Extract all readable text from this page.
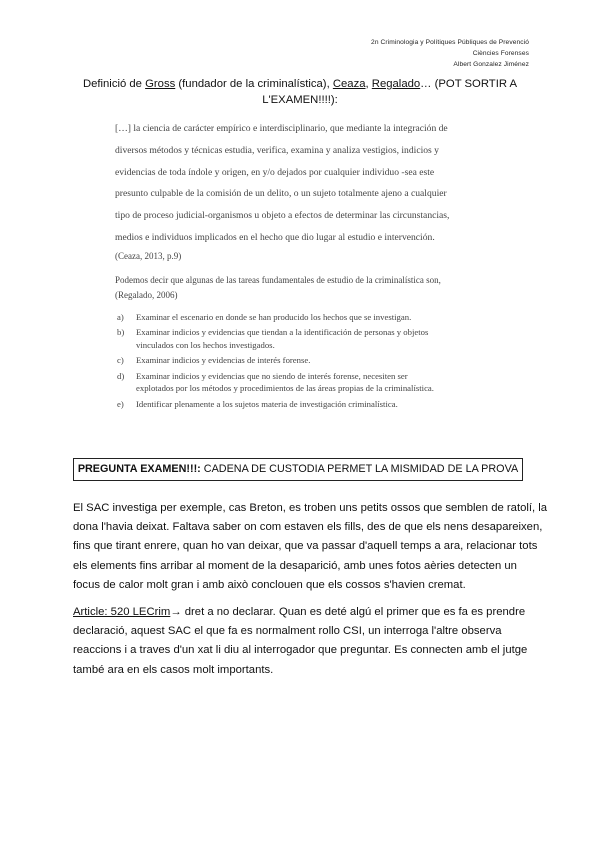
2n Criminologia y Polítiques Públiques de Prevenció
Ciències Forenses
Albert Gonzalez Jiménez
Definició de Gross (fundador de la criminalística), Ceaza, Regalado… (POT SORTIR A
L'EXAMEN!!!!):

[…] la ciencia de carácter empírico e interdisciplinario, que mediante la integración de
diversos métodos y técnicas estudia, verifica, examina y analiza vestigios, indicios y
evidencias de toda índole y origen, en y/o dejados por cualquier individuo -sea este
presunto culpable de la comisión de un delito, o un sujeto totalmente ajeno a cualquier
tipo de proceso judicial-organismos u objeto a efectos de determinar las circunstancias,
medios e individuos implicados en el hecho que dio lugar al estudio e intervención.

(Ceaza, 2013, p.9)
Podemos decir que algunas de las tareas fundamentales de estudio de la criminalística son,
(Regalado, 2006)
a)	Examinar el escenario en donde se han producido los hechos que se investigan.
b)	Examinar indicios y evidencias que tiendan a la identificación de personas y objetos
vinculados con los hechos investigados.
c)	Examinar indicios y evidencias de interés forense.
d)	Examinar indicios y evidencias que no siendo de interés forense, necesiten ser
explotados por los métodos y procedimientos de las áreas propias de la criminalística.
e)	Identificar plenamente a los sujetos materia de investigación criminalística.
PREGUNTA EXAMEN!!!: CADENA DE CUSTODIA PERMET LA MISMIDAD DE LA PROVA

El SAC investiga per exemple, cas Breton, es troben uns petits ossos que semblen de ratolí, la
dona l'havia deixat. Faltava saber on com estaven els fills, des de que els nens desapareixen,
fins que tirant enrere, quan ho van deixar, que va passar d'aquell temps a ara, relacionar tots
els elements fins arribar al moment de la desaparició, amb unes fotos aèries detecten un
focus de calor molt gran i amb això conclouen que els cossos s'havien cremat.

Article: 520 LECrim→ dret a no declarar. Quan es deté algú el primer que es fa es prendre
declaració, aquest SAC el que fa es normalment rollo CSI, un interroga l'altre observa
reaccions i a traves d'un xat li diu al interrogador que preguntar. Es connecten amb el jutge
també ara en els casos molt importants.
